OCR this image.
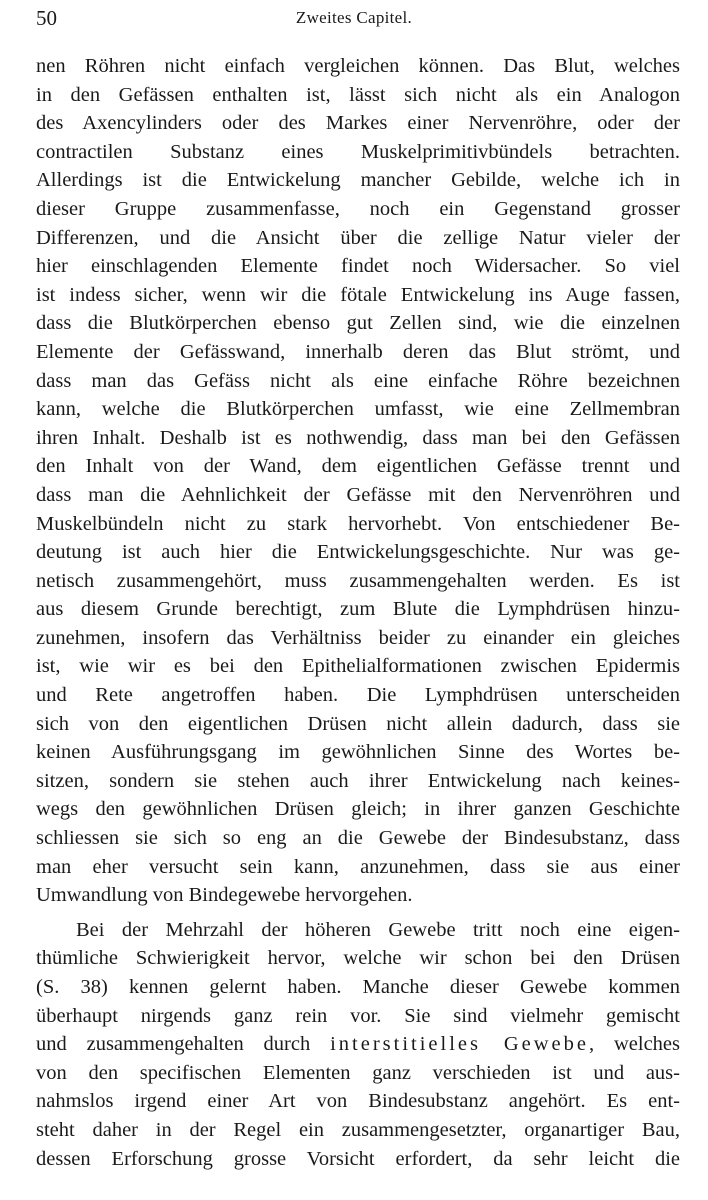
50	Zweites Capitel.
nen Röhren nicht einfach vergleichen können. Das Blut, welches
in den Gefässen enthalten ist, lässt sich nicht als ein Analogon
des Axencylinders oder des Markes einer Nervenröhre, oder der
contractilen Substanz eines Muskelprimitivbündels betrachten.
Allerdings ist die Entwickelung mancher Gebilde, welche ich in
dieser Gruppe zusammenfasse, noch ein Gegenstand grosser
Differenzen, und die Ansicht über die zellige Natur vieler der
hier einschlagenden Elemente findet noch Widersacher. So viel
ist indess sicher, wenn wir die fötale Entwickelung ins Auge fassen,
dass die Blutkörperchen ebenso gut Zellen sind, wie die einzelnen
Elemente der Gefässwand, innerhalb deren das Blut strömt, und
dass man das Gefäss nicht als eine einfache Röhre bezeichnen
kann, welche die Blutkörperchen umfasst, wie eine Zellmembran
ihren Inhalt. Deshalb ist es nothwendig, dass man bei den Gefässen
den Inhalt von der Wand, dem eigentlichen Gefässe trennt und
dass man die Aehnlichkeit der Gefässe mit den Nervenröhren und
Muskelbündeln nicht zu stark hervorhebt. Von entschiedener Be-
deutung ist auch hier die Entwickelungsgeschichte. Nur was ge-
netisch zusammengehört, muss zusammengehalten werden. Es ist
aus diesem Grunde berechtigt, zum Blute die Lymphdrüsen hinzu-
zunehmen, insofern das Verhältniss beider zu einander ein gleiches
ist, wie wir es bei den Epithelialformationen zwischen Epidermis
und Rete angetroffen haben. Die Lymphdrüsen unterscheiden
sich von den eigentlichen Drüsen nicht allein dadurch, dass sie
keinen Ausführungsgang im gewöhnlichen Sinne des Wortes be-
sitzen, sondern sie stehen auch ihrer Entwickelung nach keines-
wegs den gewöhnlichen Drüsen gleich; in ihrer ganzen Geschichte
schliessen sie sich so eng an die Gewebe der Bindesubstanz, dass
man eher versucht sein kann, anzunehmen, dass sie aus einer
Umwandlung von Bindegewebe hervorgehen.
Bei der Mehrzahl der höheren Gewebe tritt noch eine eigen-
thümliche Schwierigkeit hervor, welche wir schon bei den Drüsen
(S. 38) kennen gelernt haben. Manche dieser Gewebe kommen
überhaupt nirgends ganz rein vor. Sie sind vielmehr gemischt
und zusammengehalten durch interstitielles Gewebe, welches
von den specifischen Elementen ganz verschieden ist und aus-
nahmslos irgend einer Art von Bindesubstanz angehört. Es ent-
steht daher in der Regel ein zusammengesetzter, organartiger Bau,
dessen Erforschung grosse Vorsicht erfordert, da sehr leicht die
